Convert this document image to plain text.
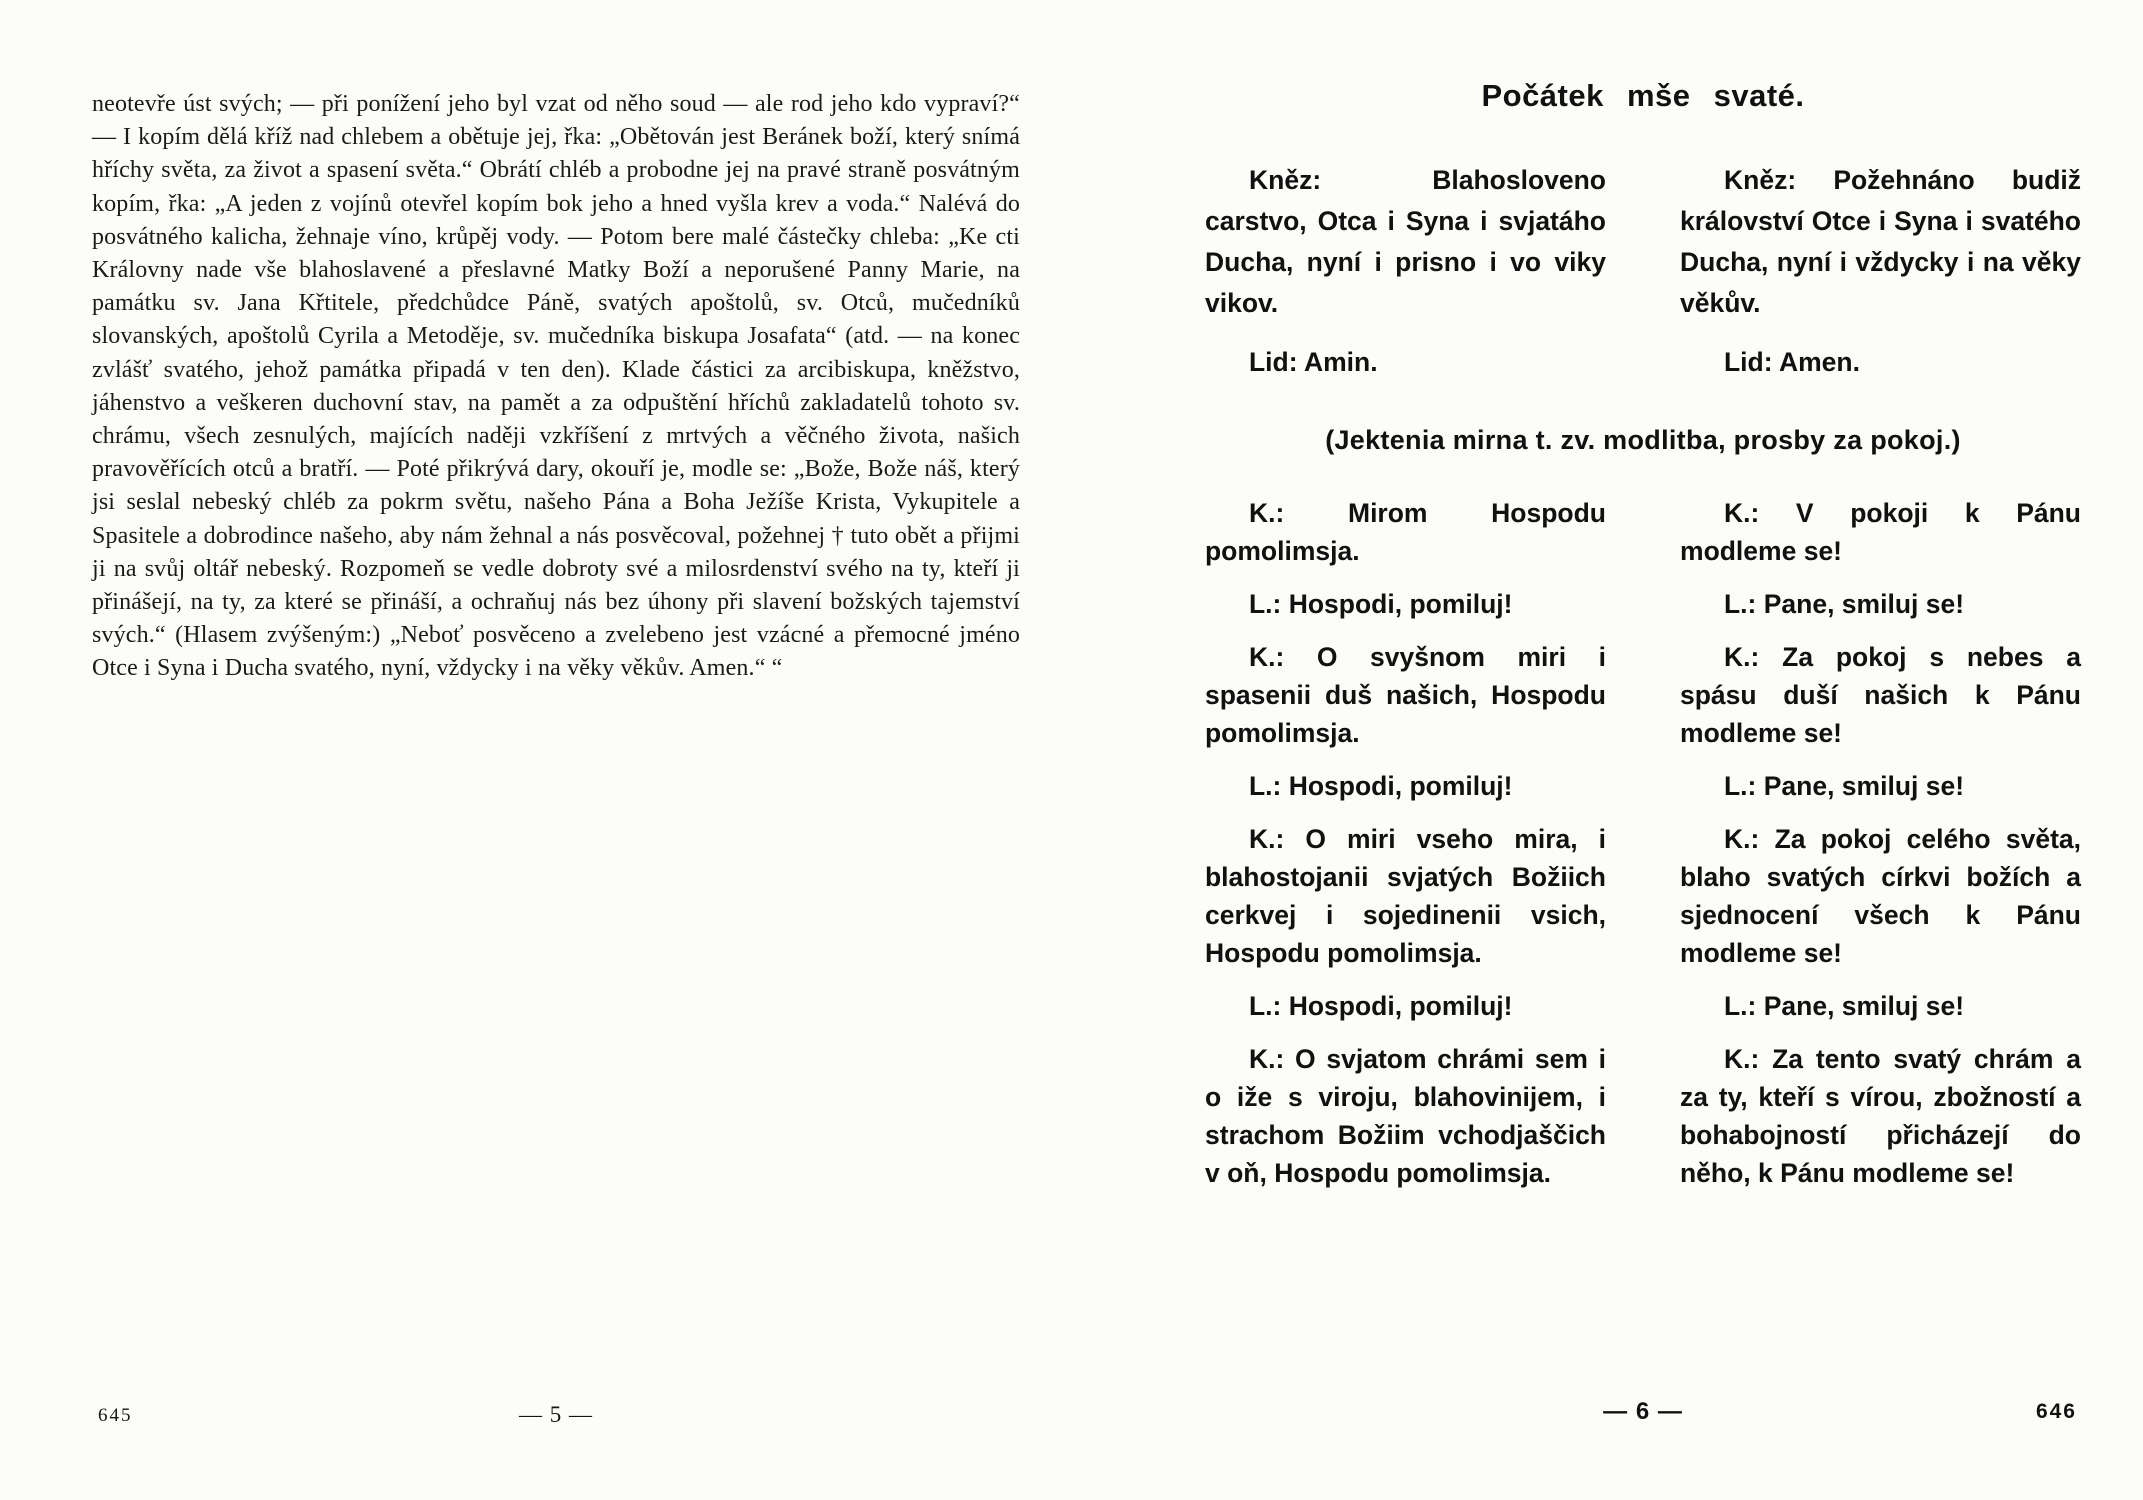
neotevře úst svých; — při ponížení jeho byl vzat od něho soud — ale rod jeho kdo vypraví?“ — I kopím dělá kříž nad chlebem a obětuje jej, řka: „Obětován jest Beránek boží, který snímá hříchy světa, za život a spasení světa.“ Obrátí chléb a probodne jej na pravé straně posvátným kopím, řka: „A jeden z vojínů otevřel kopím bok jeho a hned vyšla krev a voda.“ Nalévá do posvátného kalicha, žehnaje víno, krůpěj vody. — Potom bere malé částečky chleba: „Ke cti Královny nade vše blahoslavené a přeslavné Matky Boží a neporušené Panny Marie, na památku sv. Jana Křtitele, předchůdce Páně, svatých apoštolů, sv. Otců, mučedníků slovanských, apoštolů Cyrila a Metoděje, sv. mučedníka biskupa Josafata“ (atd. — na konec zvlášť svatého, jehož památka připadá v ten den). Klade částici za arcibiskupa, kněžstvo, jáhenstvo a veškeren duchovní stav, na pamět a za odpuštění hříchů zakladatelů tohoto sv. chrámu, všech zesnulých, majících naději vzkříšení z mrtvých a věčného života, našich pravověřících otců a bratří. — Poté přikrývá dary, okouří je, modle se: „Bože, Bože náš, který jsi seslal nebeský chléb za pokrm světu, našeho Pána a Boha Ježíše Krista, Vykupitele a Spasitele a dobrodince našeho, aby nám žehnal a nás posvěcoval, požehnej † tuto obět a přijmi ji na svůj oltář nebeský. Rozpomeň se vedle dobroty své a milosrdenství svého na ty, kteří ji přinášejí, na ty, za které se přináší, a ochraňuj nás bez úhony při slavení božských tajemství svých.“ (Hlasem zvýšeným:) „Neboť posvěceno a zvelebeno jest vzácné a přemocné jméno Otce i Syna i Ducha svatého, nyní, vždycky i na věky věkův. Amen.“ “

645	— 5 —
Počátek mše svaté.

Kněz: Blahosloveno carstvo, Otca i Syna i svjatáho Ducha, nyní i prisno i vo viky vikov.

Lid: Amin.

Kněz: Požehnáno budiž království Otce i Syna i svatého Ducha, nyní i vždycky i na věky věkův.

Lid: Amen.

(Jektenia mirna t. zv. modlitba, prosby za pokoj.)

K.: Mirom Hospodu pomolimsja.

L.: Hospodi, pomiluj!

K.: O svyšnom miri i spasenii duš našich, Hospodu pomolimsja.

L.: Hospodi, pomiluj!

K.: O miri vseho mira, i blahostojanii svjatých Božiich cerkvej i sojedinenii vsich, Hospodu pomolimsja.

L.: Hospodi, pomiluj!

K.: O svjatom chrámi sem i o iže s viroju, blahovinijem, i strachom Božiim vchodjaščich v oň, Hospodu pomolimsja.

K.: V pokoji k Pánu modleme se!

L.: Pane, smiluj se!

K.: Za pokoj s nebes a spásu duší našich k Pánu modleme se!

L.: Pane, smiluj se!

K.: Za pokoj celého světa, blaho svatých církvi božích a sjednocení všech k Pánu modleme se!

L.: Pane, smiluj se!

K.: Za tento svatý chrám a za ty, kteří s vírou, zbožností a bohabojností přicházejí do něho, k Pánu modleme se!

— 6 —	646
